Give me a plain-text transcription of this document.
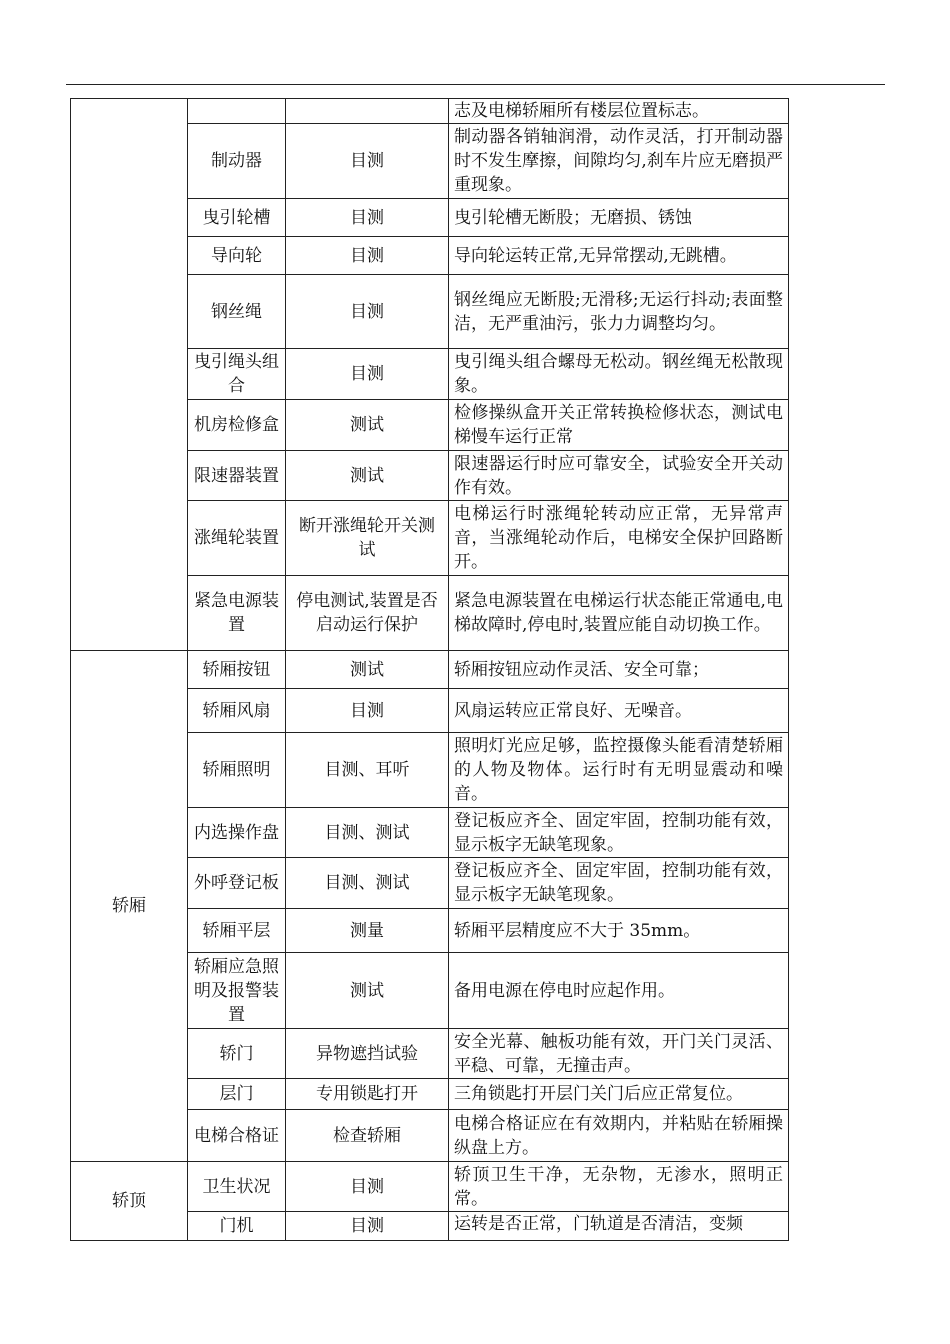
			志及电梯轿厢所有楼层位置标志。
	制动器	目测	制动器各销轴润滑，动作灵活，打开制动器时不发生摩擦，间隙均匀,刹车片应无磨损严重现象。
	曳引轮槽	目测	曳引轮槽无断股；无磨损、锈蚀
	导向轮	目测	导向轮运转正常,无异常摆动,无跳槽。
	钢丝绳	目测	钢丝绳应无断股;无滑移;无运行抖动;表面整洁，无严重油污，张力力调整均匀。
	曳引绳头组合	目测	曳引绳头组合螺母无松动。钢丝绳无松散现象。
	机房检修盒	测试	检修操纵盒开关正常转换检修状态，测试电梯慢车运行正常
	限速器装置	测试	限速器运行时应可靠安全，试验安全开关动作有效。
	涨绳轮装置	断开涨绳轮开关测试	电梯运行时涨绳轮转动应正常，无异常声音，当涨绳轮动作后，电梯安全保护回路断开。
	紧急电源装置	停电测试,装置是否启动运行保护	紧急电源装置在电梯运行状态能正常通电,电梯故障时,停电时,装置应能自动切换工作。
轿厢	轿厢按钮	测试	轿厢按钮应动作灵活、安全可靠；
	轿厢风扇	目测	风扇运转应正常良好、无噪音。
	轿厢照明	目测、耳听	照明灯光应足够，监控摄像头能看清楚轿厢的人物及物体。运行时有无明显震动和噪音。
	内选操作盘	目测、测试	登记板应齐全、固定牢固，控制功能有效，显示板字无缺笔现象。
	外呼登记板	目测、测试	登记板应齐全、固定牢固，控制功能有效，显示板字无缺笔现象。
	轿厢平层	测量	轿厢平层精度应不大于 35mm。
	轿厢应急照明及报警装置	测试	备用电源在停电时应起作用。
	轿门	异物遮挡试验	安全光幕、触板功能有效，开门关门灵活、平稳、可靠，无撞击声。
	层门	专用锁匙打开	三角锁匙打开层门关门后应正常复位。
	电梯合格证	检查轿厢	电梯合格证应在有效期内，并粘贴在轿厢操纵盘上方。
轿顶	卫生状况	目测	轿顶卫生干净，无杂物，无渗水，照明正常。
	门机	目测	运转是否正常，门轨道是否清洁，变频
